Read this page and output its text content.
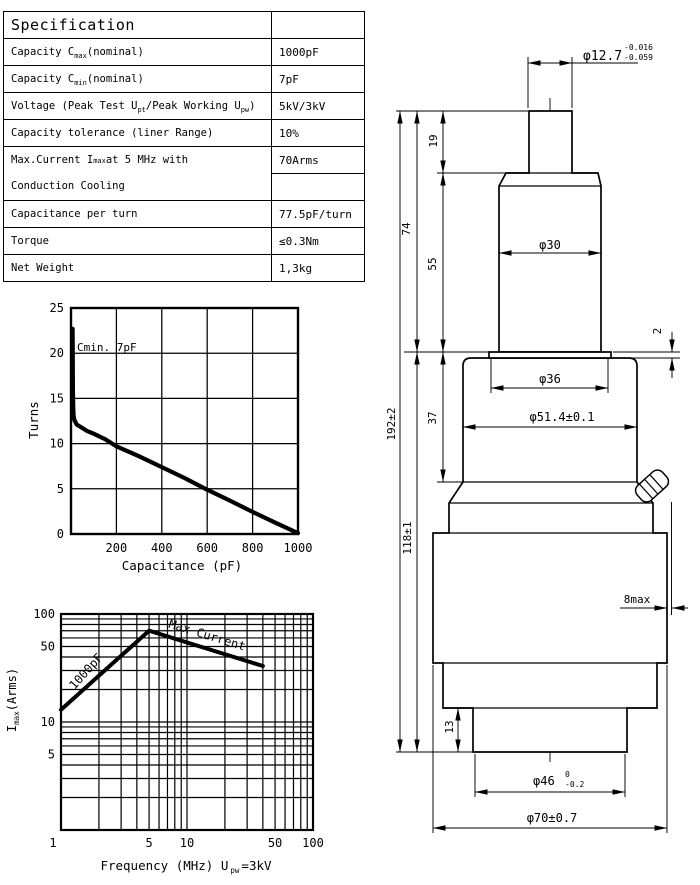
Specification	
Capacity $C_{max}(nominal)$	1000pF
Capacity $C_{min}(nominal)$	7pF
Voltage (Peak Test $U_{pt}$/Peak Working $U_{pw}$)	5kV/3kV
Capacity tolerance (liner Range)	10%

Max.Current I max at 5 MHz with
Conduction Cooling	70Arms

Capacitance per turn	77.5pF/turn
Torque	≤0.3Nm
Net Weight	1,3kg
Cmin. 7pF
Turns
Capacitance (pF)
200 400 600 800 1000
0
5
10
15
20
25
$I_{max}(Arms)$
Frequency (MHz) U $_{pw}$ =3kV
1000pF
Max Current
1	5 10	50 100
5
10
50
100
φ12.7
-0.016
-0.059
19
74
55
37
192±2
118±1
13
2
φ30
φ36
φ51.4±0.1
8max
φ46 0
-0.2
φ70±0.7
